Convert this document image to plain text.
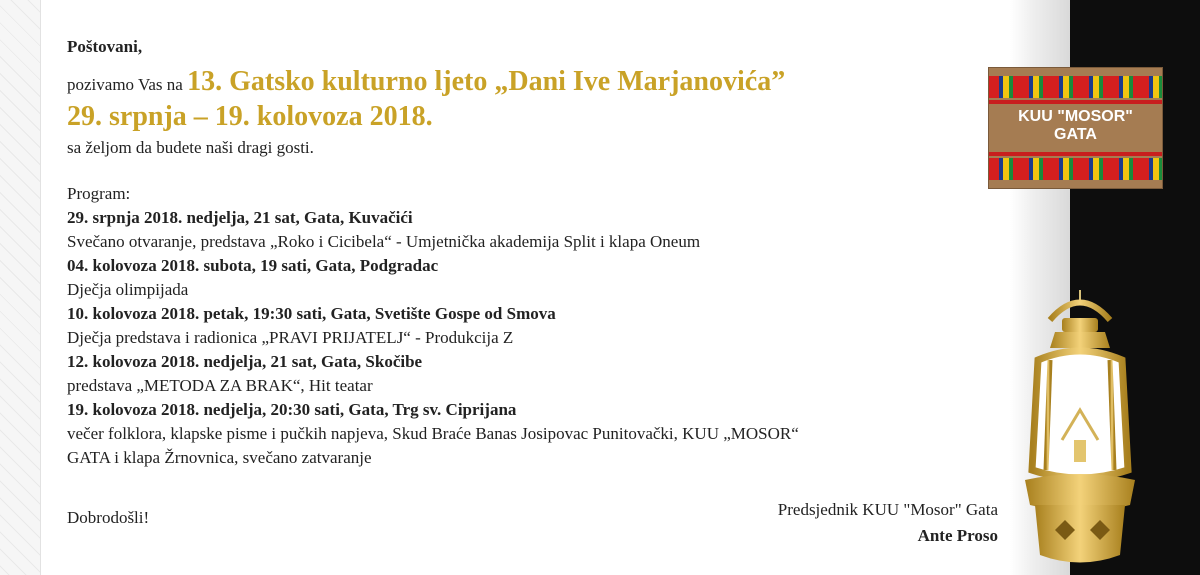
Poštovani,
pozivamo Vas na 13. Gatsko kulturno ljeto „Dani Ive Marjanovića”
29. srpnja – 19. kolovoza 2018.
sa željom da budete naši dragi gosti.
Program:
29. srpnja 2018. nedjelja, 21 sat, Gata, Kuvačići
Svečano otvaranje, predstava „Roko i Cicibela“ - Umjetnička akademija Split i klapa Oneum
04. kolovoza 2018. subota, 19 sati, Gata, Podgradac
Dječja olimpijada
10. kolovoza 2018. petak, 19:30 sati, Gata, Svetište Gospe od Smova
Dječja predstava i radionica „PRAVI PRIJATELJ“ - Produkcija Z
12. kolovoza 2018. nedjelja, 21 sat, Gata, Skočibe
predstava „METODA ZA BRAK“, Hit teatar
19. kolovoza 2018. nedjelja, 20:30 sati, Gata, Trg sv. Ciprijana
večer folklora, klapske pisme i pučkih napjeva, Skud Braće Banas Josipovac Punitovački, KUU „MOSOR“
GATA i klapa Žrnovnica, svečano zatvaranje
Dobrodošli!	Predsjednik KUU "Mosor" Gata
Ante Proso
KUU "MOSOR"
GATA
